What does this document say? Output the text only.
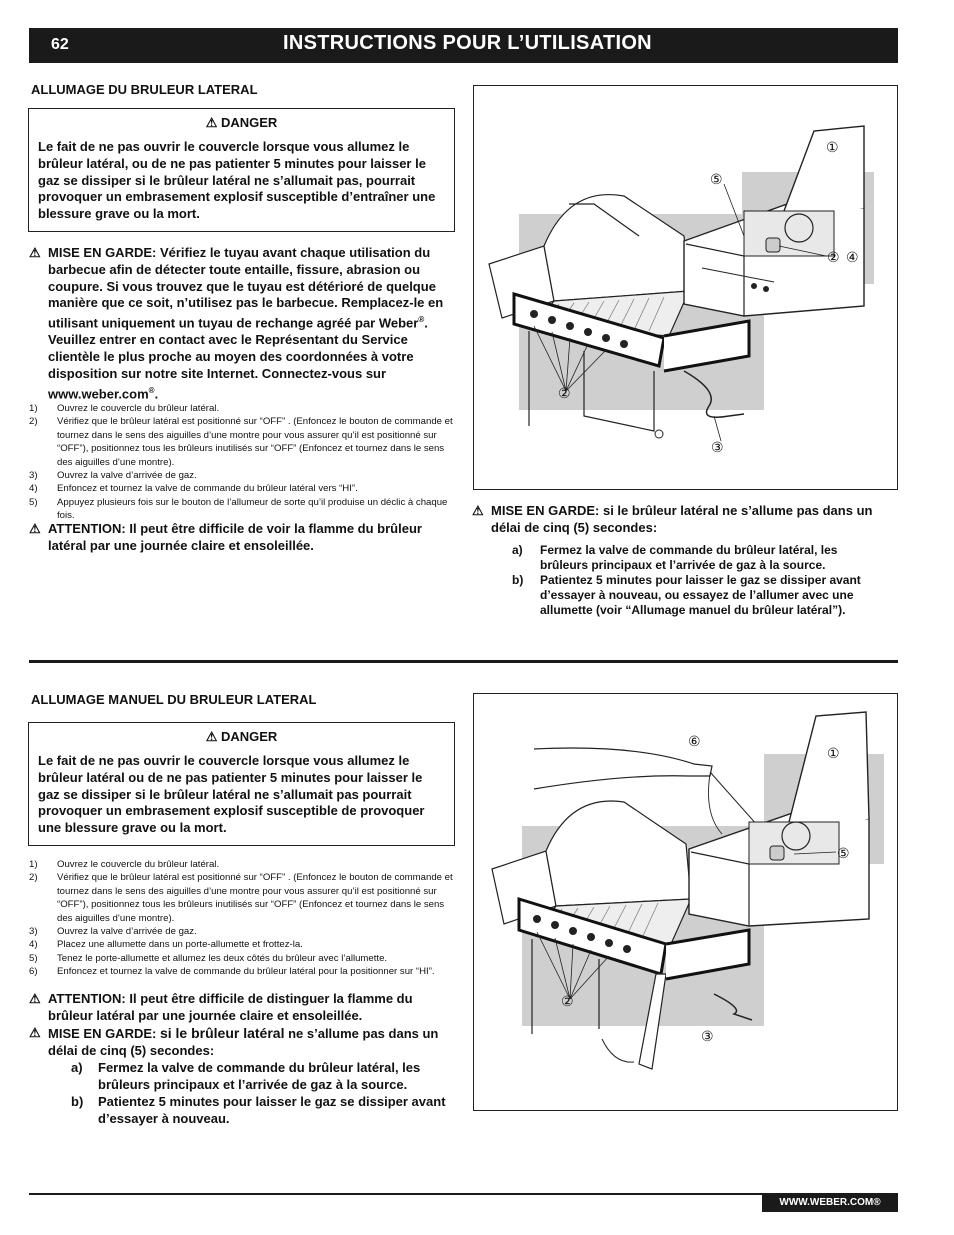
62	INSTRUCTIONS POUR L’UTILISATION
ALLUMAGE DU BRULEUR LATERAL
⚠ DANGER
Le fait de ne pas ouvrir le couvercle lorsque vous allumez le brûleur latéral, ou de ne pas patienter 5 minutes pour laisser le gaz se dissiper si le brûleur latéral ne s’allumait pas, pourrait provoquer un embrasement explosif susceptible d’entraîner une blessure grave ou la mort.
⚠ MISE EN GARDE: Vérifiez le tuyau avant chaque utilisation du barbecue afin de détecter toute entaille, fissure, abrasion ou coupure. Si vous trouvez que le tuyau est détérioré de quelque manière que ce soit, n’utilisez pas le barbecue. Remplacez-le en utilisant uniquement un tuyau de rechange agréé par Weber®. Veuillez entrer en contact avec le Représentant du Service clientèle le plus proche au moyen des coordonnées à votre disposition sur notre site Internet. Connectez-vous sur www.weber.com®.
1) Ouvrez le couvercle du brûleur latéral.
2) Vérifiez que le brûleur latéral est positionné sur “OFF” . (Enfoncez le bouton de commande et tournez dans le sens des aiguilles d’une montre pour vous assurer qu’il est positionné sur “OFF”), positionnez tous les brûleurs inutilisés sur “OFF” (Enfoncez et tournez dans le sens des aiguilles d’une montre).
3) Ouvrez la valve d’arrivée de gaz.
4) Enfoncez et tournez la valve de commande du brûleur latéral vers “HI”.
5) Appuyez plusieurs fois sur le bouton de l’allumeur de sorte qu’il produise un déclic à chaque fois.
⚠ ATTENTION: Il peut être difficile de voir la flamme du brûleur latéral par une journée claire et ensoleillée.
①
⑤
② ④
②
③
⚠ MISE EN GARDE: si le brûleur latéral ne s’allume pas dans un délai de cinq (5) secondes:
a) Fermez la valve de commande du brûleur latéral, les brûleurs principaux et l’arrivée de gaz à la source.
b) Patientez 5 minutes pour laisser le gaz se dissiper avant d’essayer à nouveau, ou essayez de l’allumer avec une allumette (voir “Allumage manuel du brûleur latéral”).
ALLUMAGE MANUEL DU BRULEUR LATERAL
⚠ DANGER
Le fait de ne pas ouvrir le couvercle lorsque vous allumez le brûleur latéral ou de ne pas patienter 5 minutes pour laisser le gaz se dissiper si le brûleur latéral ne s’allumait pas pourrait provoquer un embrasement explosif susceptible de provoquer une blessure grave ou la mort.
1) Ouvrez le couvercle du brûleur latéral.
2) Vérifiez que le brûleur latéral est positionné sur “OFF” . (Enfoncez le bouton de commande et tournez dans le sens des aiguilles d’une montre pour vous assurer qu’il est positionné sur “OFF”), positionnez tous les brûleurs inutilisés sur “OFF” (Enfoncez et tournez dans le sens des aiguilles d’une montre).
3) Ouvrez la valve d’arrivée de gaz.
4) Placez une allumette dans un porte-allumette et frottez-la.
5) Tenez le porte-allumette et allumez les deux côtés du brûleur avec l’allumette.
6) Enfoncez et tournez la valve de commande du brûleur latéral pour la positionner sur “HI”.
⚠ ATTENTION: Il peut être difficile de distinguer la flamme du brûleur latéral par une journée claire et ensoleillée.
⚠ MISE EN GARDE: si le brûleur latéral ne s’allume pas dans un délai de cinq (5) secondes:
a) Fermez la valve de commande du brûleur latéral, les brûleurs principaux et l’arrivée de gaz à la source.
b) Patientez 5 minutes pour laisser le gaz se dissiper avant d’essayer à nouveau.
⑥
①
⑤
②
③
WWW.WEBER.COM®
